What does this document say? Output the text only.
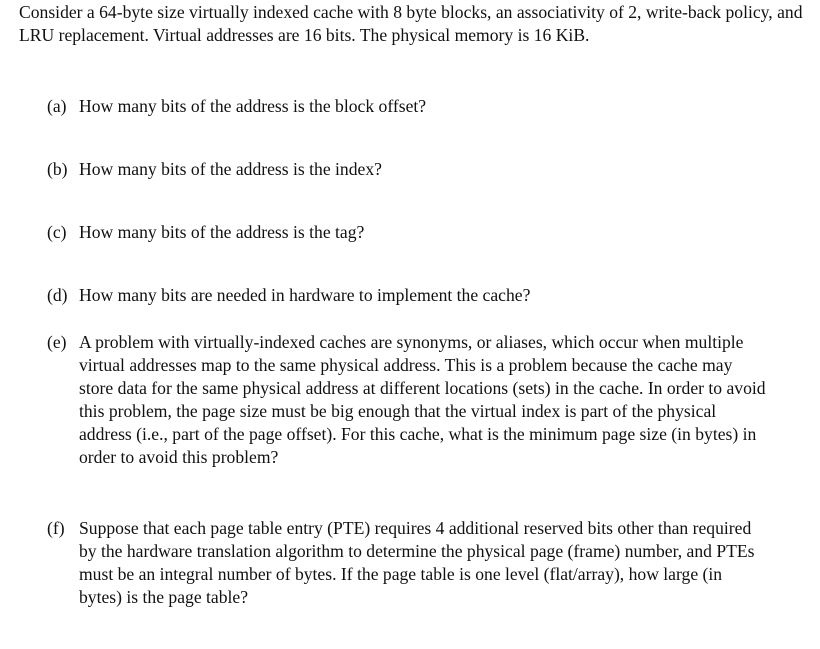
Consider a 64-byte size virtually indexed cache with 8 byte blocks, an associativity of 2, write-back policy, and LRU replacement. Virtual addresses are 16 bits. The physical memory is 16 KiB.

(a) How many bits of the address is the block offset?
(b) How many bits of the address is the index?
(c) How many bits of the address is the tag?
(d) How many bits are needed in hardware to implement the cache?
(e) A problem with virtually-indexed caches are synonyms, or aliases, which occur when multiple virtual addresses map to the same physical address. This is a problem because the cache may store data for the same physical address at different locations (sets) in the cache. In order to avoid this problem, the page size must be big enough that the virtual index is part of the physical address (i.e., part of the page offset). For this cache, what is the minimum page size (in bytes) in order to avoid this problem?
(f) Suppose that each page table entry (PTE) requires 4 additional reserved bits other than required by the hardware translation algorithm to determine the physical page (frame) number, and PTEs must be an integral number of bytes. If the page table is one level (flat/array), how large (in bytes) is the page table?
